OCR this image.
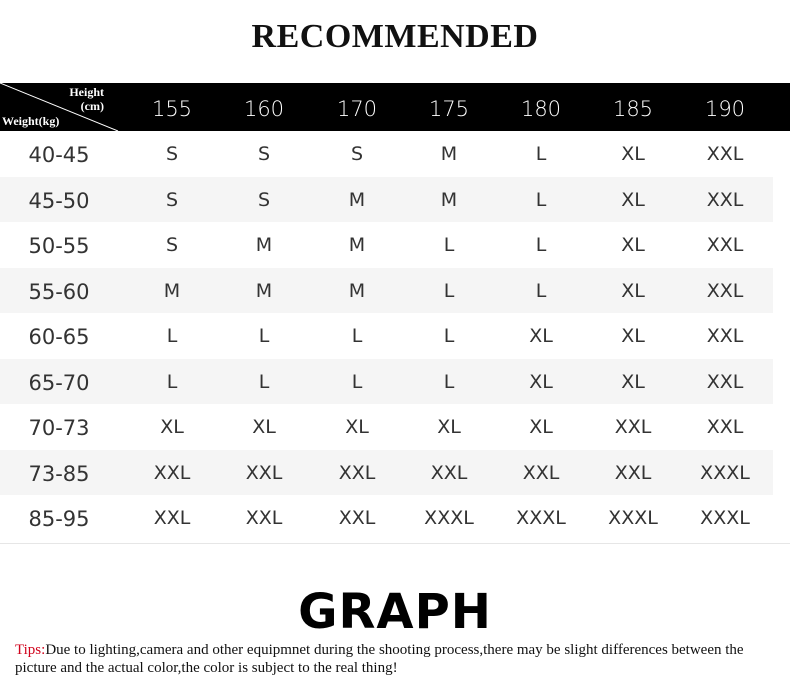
RECOMMENDED
Height
(cm)
Weight(kg)	155	160	170	175	180	185	190
40-45	S	S	S	M	L	XL	XXL
45-50	S	S	M	M	L	XL	XXL
50-55	S	M	M	L	L	XL	XXL
55-60	M	M	M	L	L	XL	XXL
60-65	L	L	L	L	XL	XL	XXL
65-70	L	L	L	L	XL	XL	XXL
70-73	XL	XL	XL	XL	XL	XXL	XXL
73-85	XXL	XXL	XXL	XXL	XXL	XXL	XXXL
85-95	XXL	XXL	XXL	XXXL	XXXL	XXXL	XXXL
GRAPH
Tips:Due to lighting,camera and other equipmnet during the shooting process,there may be slight differences between the picture and the actual color,the color is subject to the real thing!
